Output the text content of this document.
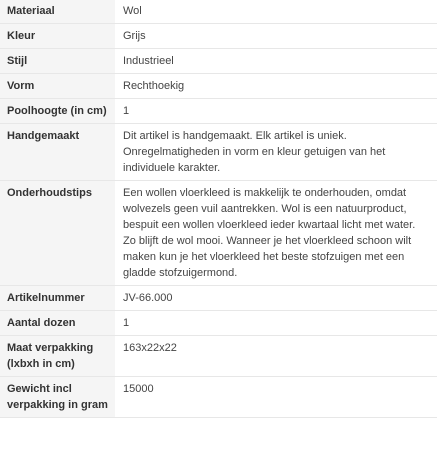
Materiaal	Wol
Kleur	Grijs
Stijl	Industrieel
Vorm	Rechthoekig
Poolhoogte (in cm)	1
Handgemaakt	Dit artikel is handgemaakt. Elk artikel is uniek. Onregelmatigheden in vorm en kleur getuigen van het individuele karakter.
Onderhoudstips	Een wollen vloerkleed is makkelijk te onderhouden, omdat wolvezels geen vuil aantrekken. Wol is een natuurproduct, bespuit een wollen vloerkleed ieder kwartaal licht met water. Zo blijft de wol mooi. Wanneer je het vloerkleed schoon wilt maken kun je het vloerkleed het beste stofzuigen met een gladde stofzuigermond.
Artikelnummer	JV-66.000
Aantal dozen	1
Maat verpakking (lxbxh in cm)	163x22x22
Gewicht incl verpakking in gram	15000
